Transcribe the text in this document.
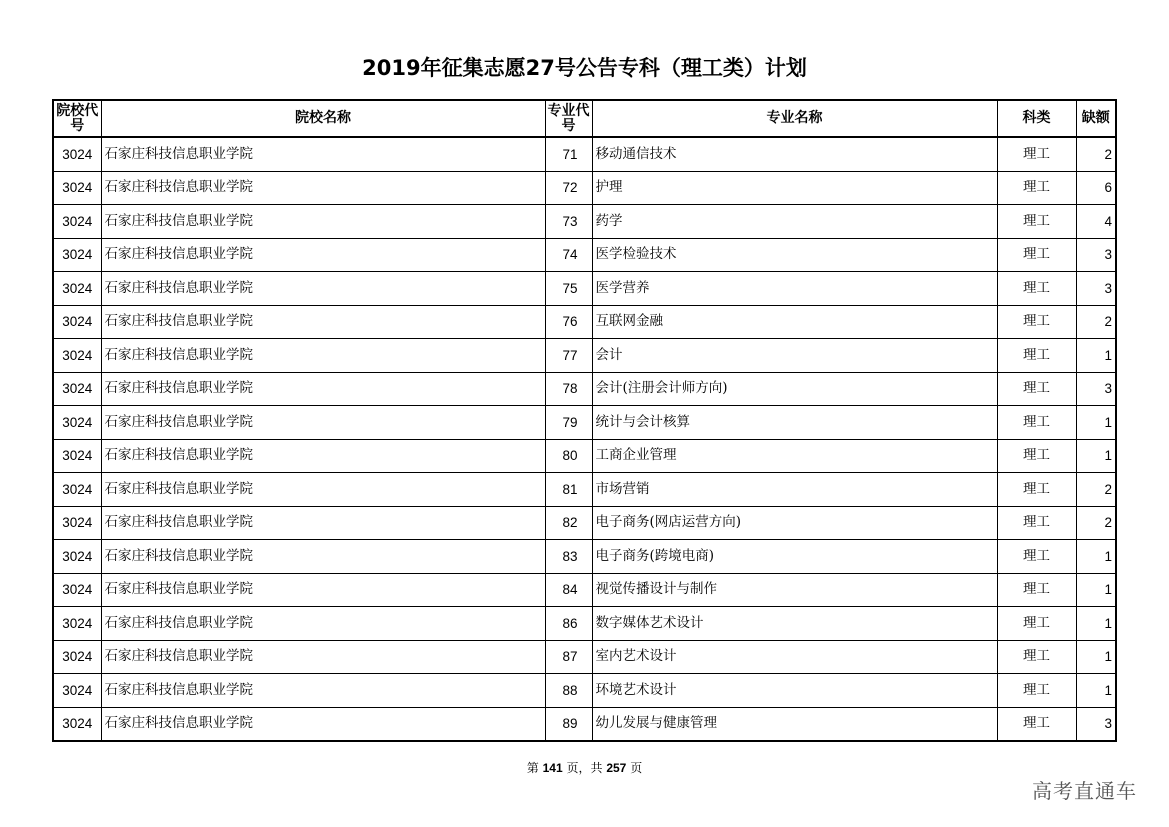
2019年征集志愿27号公告专科（理工类）计划
院校代号	院校名称	专业代号	专业名称	科类	缺额
3024	石家庄科技信息职业学院	71	移动通信技术	理工	2
3024	石家庄科技信息职业学院	72	护理	理工	6
3024	石家庄科技信息职业学院	73	药学	理工	4
3024	石家庄科技信息职业学院	74	医学检验技术	理工	3
3024	石家庄科技信息职业学院	75	医学营养	理工	3
3024	石家庄科技信息职业学院	76	互联网金融	理工	2
3024	石家庄科技信息职业学院	77	会计	理工	1
3024	石家庄科技信息职业学院	78	会计(注册会计师方向)	理工	3
3024	石家庄科技信息职业学院	79	统计与会计核算	理工	1
3024	石家庄科技信息职业学院	80	工商企业管理	理工	1
3024	石家庄科技信息职业学院	81	市场营销	理工	2
3024	石家庄科技信息职业学院	82	电子商务(网店运营方向)	理工	2
3024	石家庄科技信息职业学院	83	电子商务(跨境电商)	理工	1
3024	石家庄科技信息职业学院	84	视觉传播设计与制作	理工	1
3024	石家庄科技信息职业学院	86	数字媒体艺术设计	理工	1
3024	石家庄科技信息职业学院	87	室内艺术设计	理工	1
3024	石家庄科技信息职业学院	88	环境艺术设计	理工	1
3024	石家庄科技信息职业学院	89	幼儿发展与健康管理	理工	3
第 141 页，共 257 页
高考直通车
